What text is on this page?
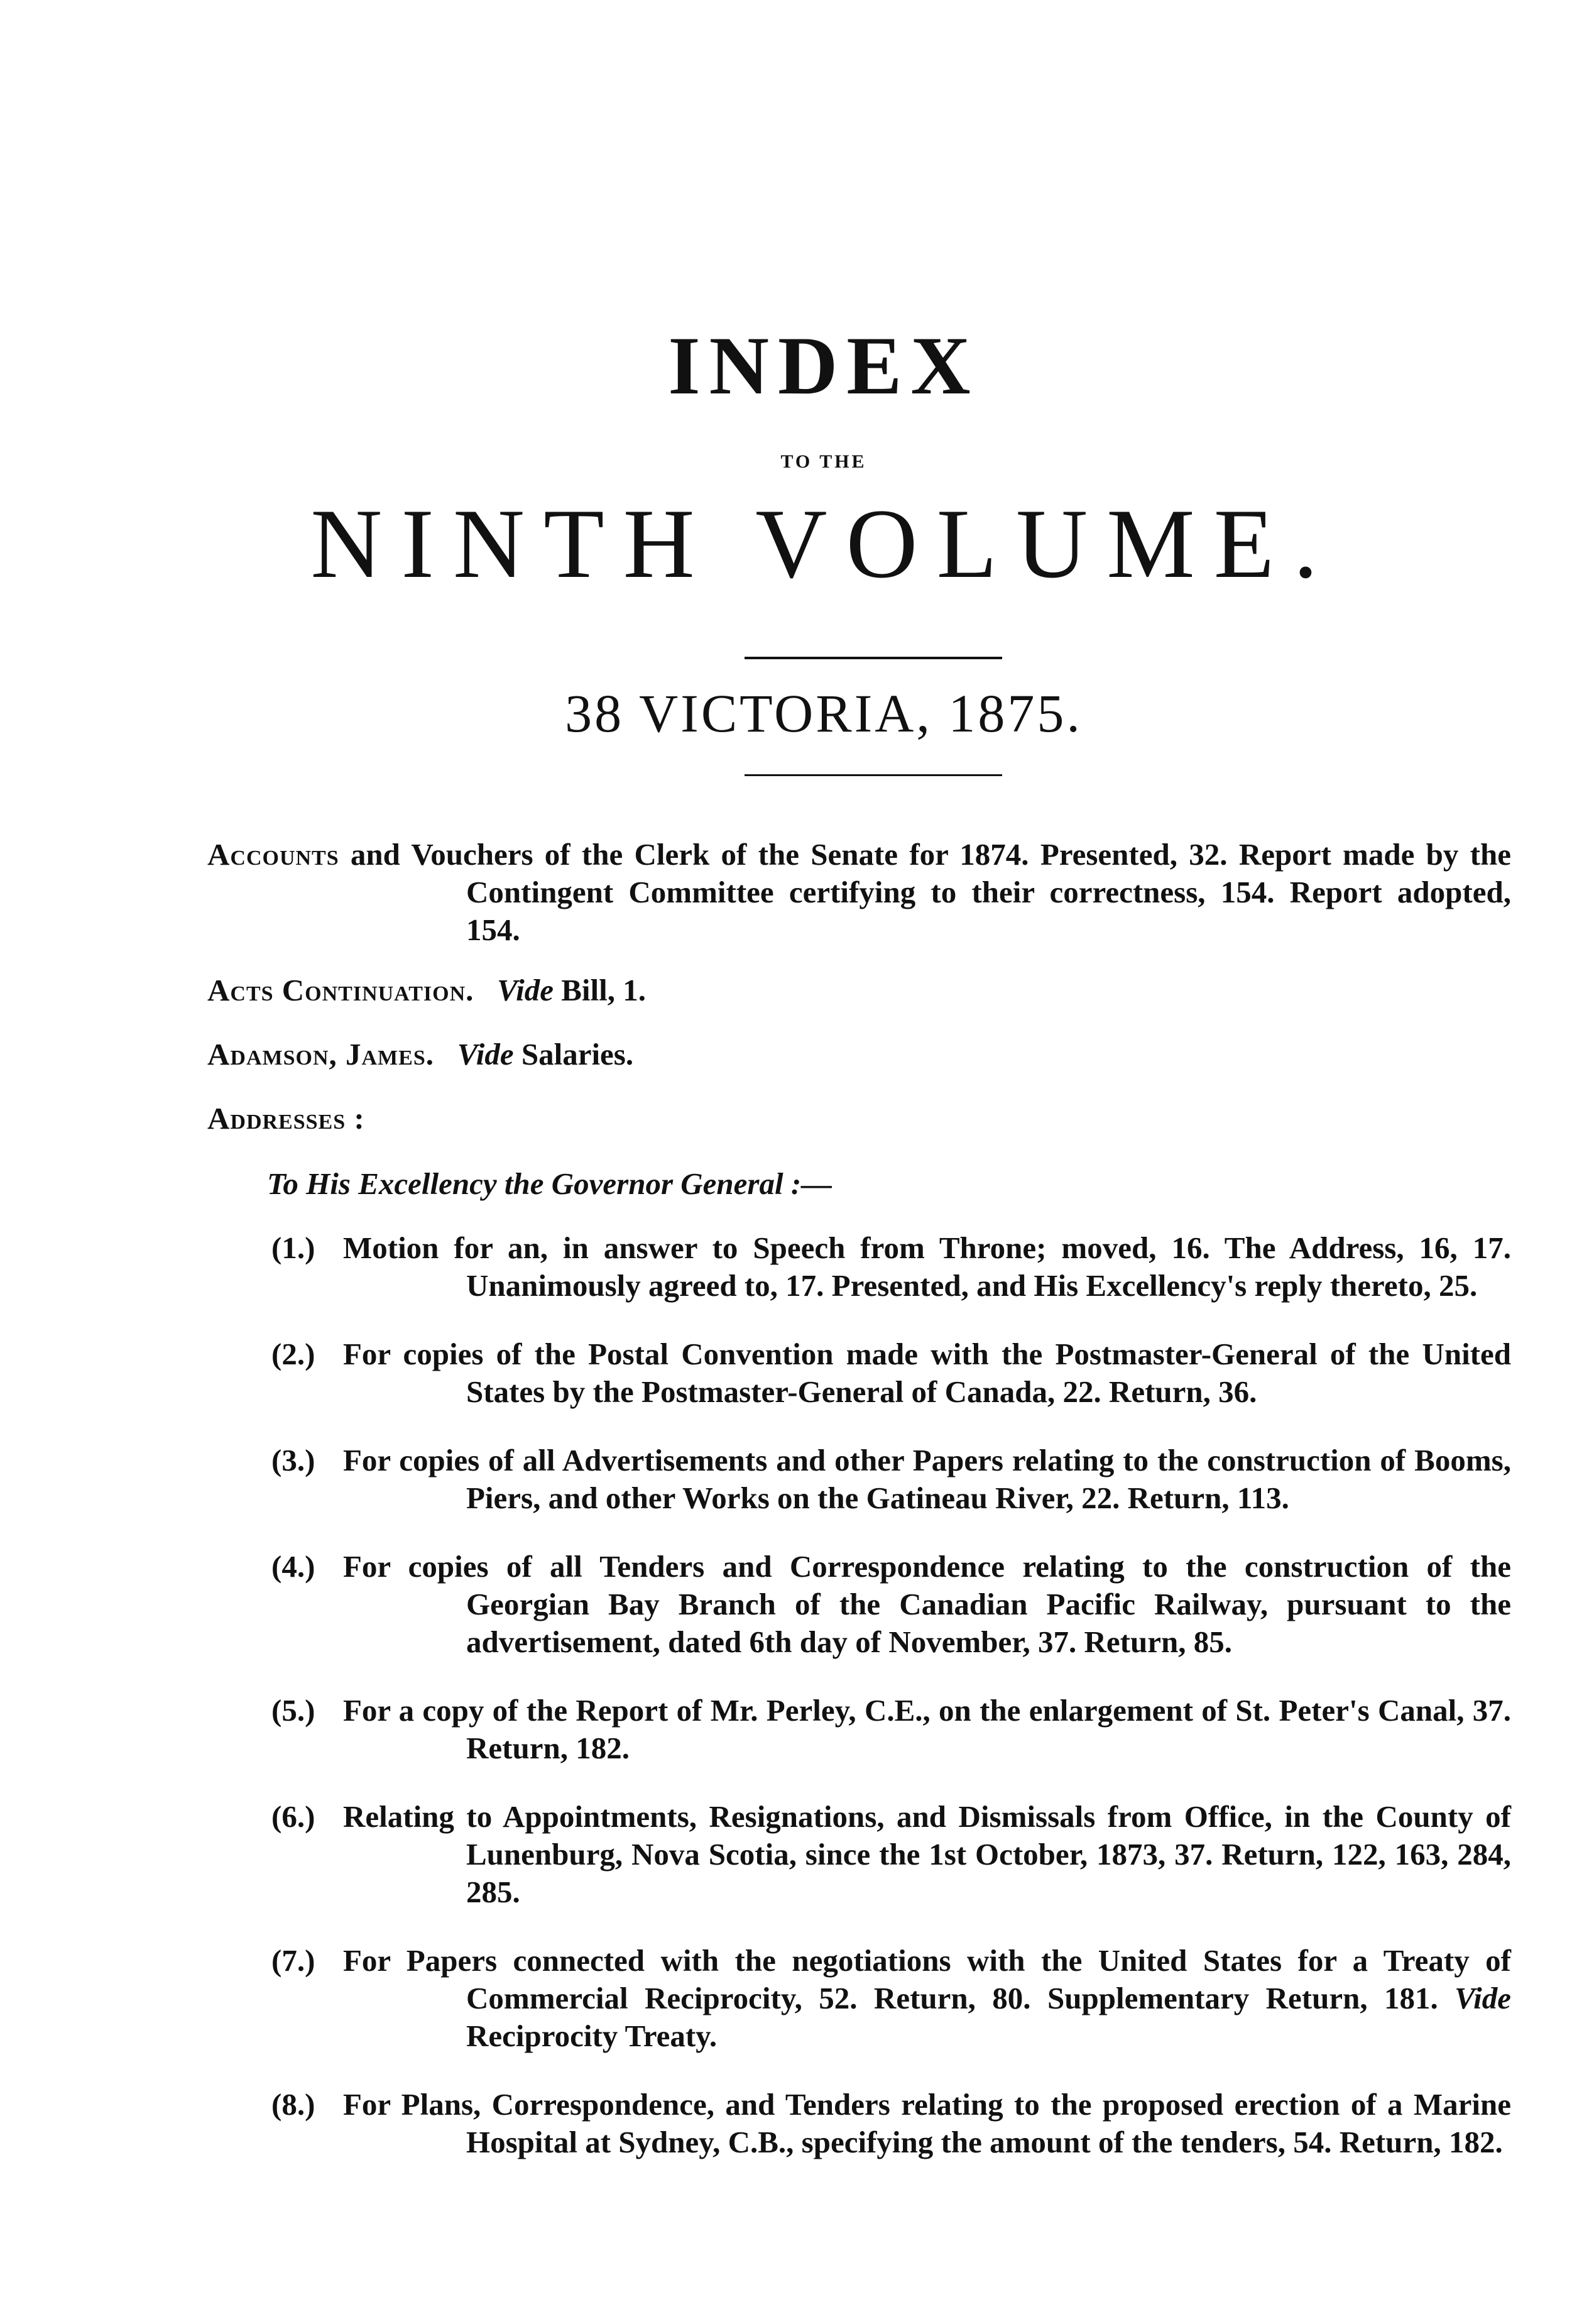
INDEX
TO THE
NINTH VOLUME.
38 VICTORIA, 1875.

Accounts and Vouchers of the Clerk of the Senate for 1874. Presented, 32. Report made by the Contingent Committee certifying to their correctness, 154. Report adopted, 154.

Acts Continuation. Vide Bill, 1.

Adamson, James. Vide Salaries.

Addresses :

To His Excellency the Governor General :—

(1.) Motion for an, in answer to Speech from Throne; moved, 16. The Address, 16, 17. Unanimously agreed to, 17. Presented, and His Excellency's reply thereto, 25.

(2.) For copies of the Postal Convention made with the Postmaster-General of the United States by the Postmaster-General of Canada, 22. Return, 36.

(3.) For copies of all Advertisements and other Papers relating to the construction of Booms, Piers, and other Works on the Gatineau River, 22. Return, 113.

(4.) For copies of all Tenders and Correspondence relating to the construction of the Georgian Bay Branch of the Canadian Pacific Railway, pursuant to the advertisement, dated 6th day of November, 37. Return, 85.

(5.) For a copy of the Report of Mr. Perley, C.E., on the enlargement of St. Peter's Canal, 37. Return, 182.

(6.) Relating to Appointments, Resignations, and Dismissals from Office, in the County of Lunenburg, Nova Scotia, since the 1st October, 1873, 37. Return, 122, 163, 284, 285.

(7.) For Papers connected with the negotiations with the United States for a Treaty of Commercial Reciprocity, 52. Return, 80. Supplementary Return, 181. Vide Reciprocity Treaty.

(8.) For Plans, Correspondence, and Tenders relating to the proposed erection of a Marine Hospital at Sydney, C.B., specifying the amount of the tenders, 54. Return, 182.
